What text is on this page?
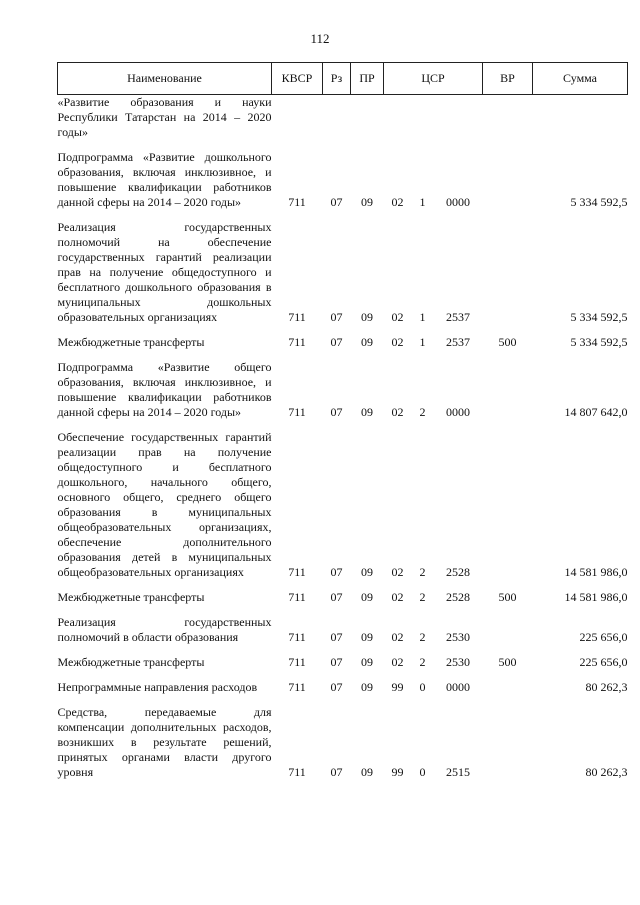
112
Наименование	КВСР	Рз	ПР	ЦСР			ВР	Сумма
«Развитие образования и науки Республики Татарстан на 2014 – 2020 годы»								
Подпрограмма «Развитие дошкольного образования, включая инклюзивное, и повышение квалификации работников данной сферы на 2014 – 2020 годы»	711	07	09	02	1	0000		5 334 592,5
Реализация государственных полномочий на обеспечение государственных гарантий реализации прав на получение общедоступного и бесплатного дошкольного образования в муниципальных дошкольных образовательных организациях	711	07	09	02	1	2537		5 334 592,5
Межбюджетные трансферты	711	07	09	02	1	2537	500	5 334 592,5
Подпрограмма «Развитие общего образования, включая инклюзивное, и повышение квалификации работников данной сферы на 2014 – 2020 годы»	711	07	09	02	2	0000		14 807 642,0
Обеспечение государственных гарантий реализации прав на получение общедоступного и бесплатного дошкольного, начального общего, основного общего, среднего общего образования в муниципальных общеобразовательных организациях, обеспечение дополнительного образования детей в муниципальных общеобразовательных организациях	711	07	09	02	2	2528		14 581 986,0
Межбюджетные трансферты	711	07	09	02	2	2528	500	14 581 986,0
Реализация государственных полномочий в области образования	711	07	09	02	2	2530		225 656,0
Межбюджетные трансферты	711	07	09	02	2	2530	500	225 656,0
Непрограммные направления расходов	711	07	09	99	0	0000		80 262,3
Средства, передаваемые для компенсации дополнительных расходов, возникших в результате решений, принятых органами власти другого уровня	711	07	09	99	0	2515		80 262,3
